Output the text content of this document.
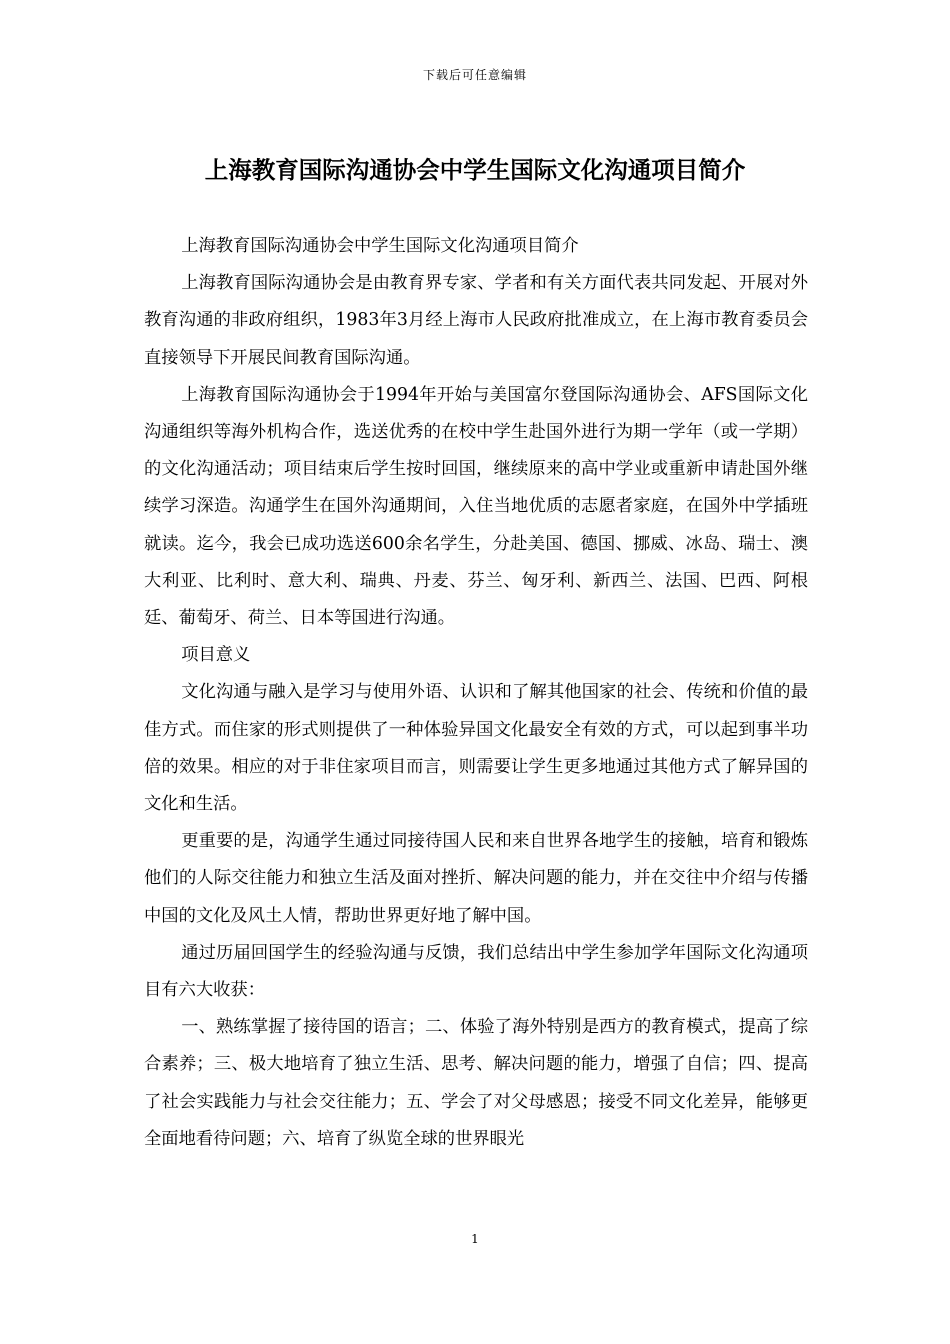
下载后可任意编辑
上海教育国际沟通协会中学生国际文化沟通项目简介

上海教育国际沟通协会中学生国际文化沟通项目简介

上海教育国际沟通协会是由教育界专家、学者和有关方面代表共同发起、开展对外教育沟通的非政府组织，1983年3月经上海市人民政府批准成立，在上海市教育委员会直接领导下开展民间教育国际沟通。

上海教育国际沟通协会于1994年开始与美国富尔登国际沟通协会、AFS国际文化沟通组织等海外机构合作，选送优秀的在校中学生赴国外进行为期一学年（或一学期）的文化沟通活动；项目结束后学生按时回国，继续原来的高中学业或重新申请赴国外继续学习深造。沟通学生在国外沟通期间，入住当地优质的志愿者家庭，在国外中学插班就读。迄今，我会已成功选送600余名学生，分赴美国、德国、挪威、冰岛、瑞士、澳大利亚、比利时、意大利、瑞典、丹麦、芬兰、匈牙利、新西兰、法国、巴西、阿根廷、葡萄牙、荷兰、日本等国进行沟通。

项目意义

文化沟通与融入是学习与使用外语、认识和了解其他国家的社会、传统和价值的最佳方式。而住家的形式则提供了一种体验异国文化最安全有效的方式，可以起到事半功倍的效果。相应的对于非住家项目而言，则需要让学生更多地通过其他方式了解异国的文化和生活。

更重要的是，沟通学生通过同接待国人民和来自世界各地学生的接触，培育和锻炼他们的人际交往能力和独立生活及面对挫折、解决问题的能力，并在交往中介绍与传播中国的文化及风土人情，帮助世界更好地了解中国。

通过历届回国学生的经验沟通与反馈，我们总结出中学生参加学年国际文化沟通项目有六大收获：

一、熟练掌握了接待国的语言；二、体验了海外特别是西方的教育模式，提高了综合素养；三、极大地培育了独立生活、思考、解决问题的能力，增强了自信；四、提高了社会实践能力与社会交往能力；五、学会了对父母感恩；接受不同文化差异，能够更全面地看待问题；六、培育了纵览全球的世界眼光

1
